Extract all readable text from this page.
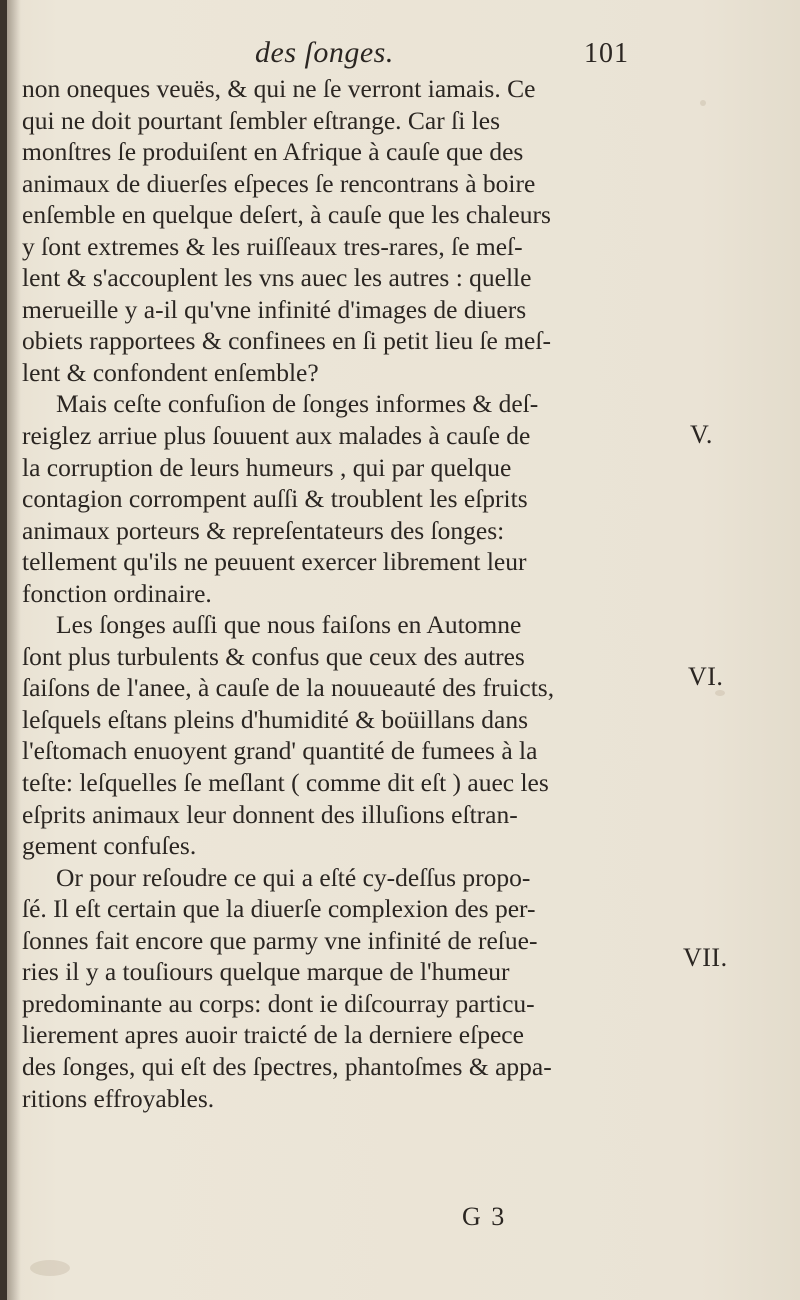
des ſonges.	101
non oneques veuës, & qui ne ſe verront iamais. Ce
qui ne doit pourtant ſembler eſtrange. Car ſi les
monſtres ſe produiſent en Afrique à cauſe que des
animaux de diuerſes eſpeces ſe rencontrans à boire
enſemble en quelque deſert, à cauſe que les chaleurs
y ſont extremes & les ruiſſeaux tres-rares, ſe meſ-
lent & s'accouplent les vns auec les autres : quelle
merueille y a-il qu'vne infinité d'images de diuers
obiets rapportees & confinees en ſi petit lieu ſe meſ-
lent & confondent enſemble?
Mais ceſte confuſion de ſonges informes & deſ-
reiglez arriue plus ſouuent aux malades à cauſe de
la corruption de leurs humeurs , qui par quelque
contagion corrompent auſſi & troublent les eſprits
animaux porteurs & repreſentateurs des ſonges:
tellement qu'ils ne peuuent exercer librement leur
fonction ordinaire.
Les ſonges auſſi que nous faiſons en Automne
ſont plus turbulents & confus que ceux des autres
ſaiſons de l'anee, à cauſe de la nouueauté des fruicts,
leſquels eſtans pleins d'humidité & boüillans dans
l'eſtomach enuoyent grand' quantité de fumees à la
teſte: leſquelles ſe meſlant ( comme dit eſt ) auec les
eſprits animaux leur donnent des illuſions eſtran-
gement confuſes.
Or pour reſoudre ce qui a eſté cy-deſſus propo-
ſé. Il eſt certain que la diuerſe complexion des per-
ſonnes fait encore que parmy vne infinité de reſue-
ries il y a touſiours quelque marque de l'humeur
predominante au corps: dont ie diſcourray particu-
lierement apres auoir traicté de la derniere eſpece
des ſonges, qui eſt des ſpectres, phantoſmes & appa-
ritions effroyables.
V.
VI.
VII.
G 3
